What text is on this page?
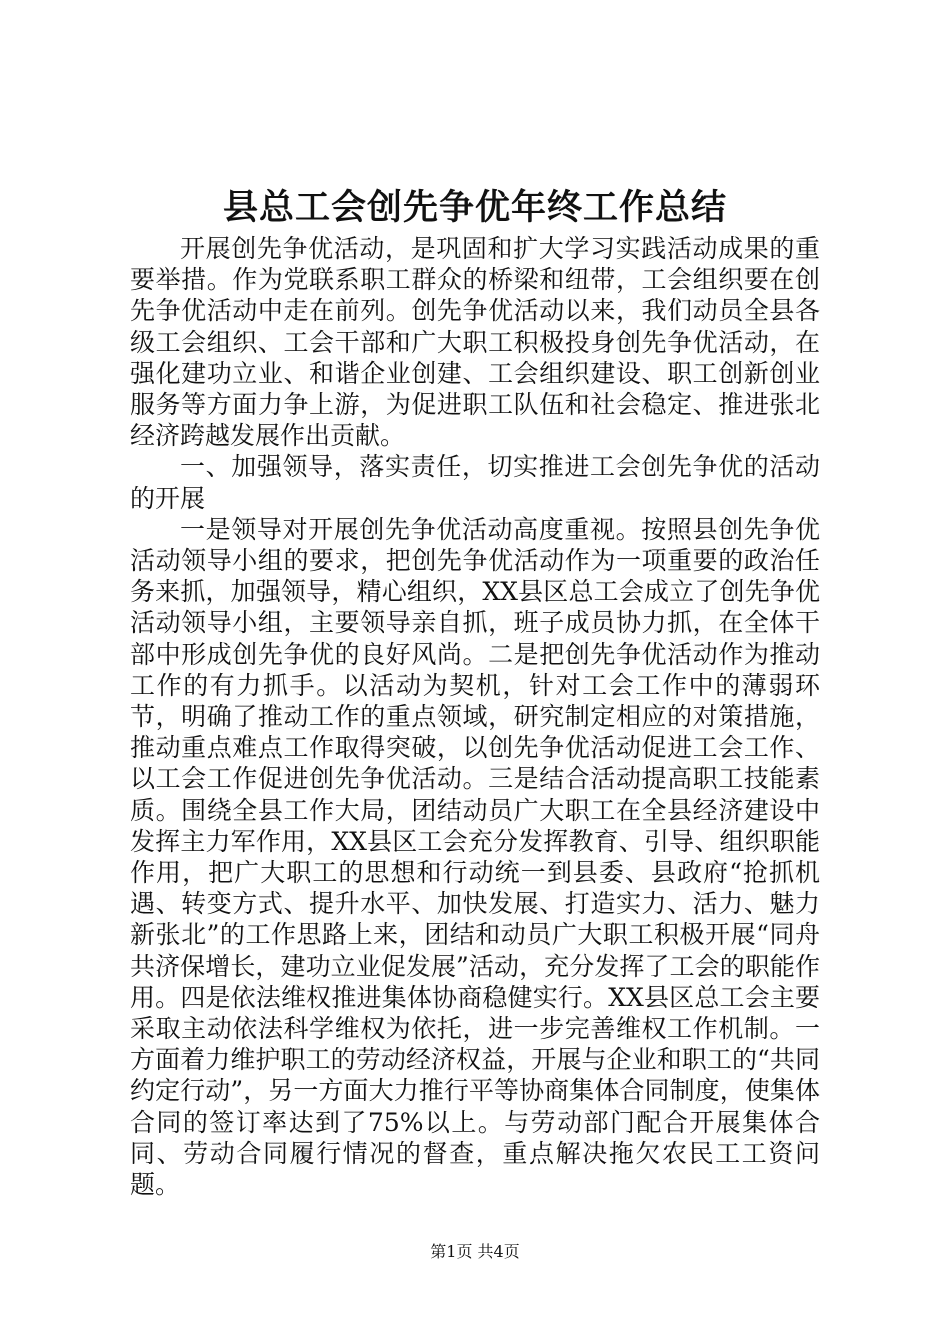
县总工会创先争优年终工作总结

开展创先争优活动，是巩固和扩大学习实践活动成果的重要举措。作为党联系职工群众的桥梁和纽带，工会组织要在创先争优活动中走在前列。创先争优活动以来，我们动员全县各级工会组织、工会干部和广大职工积极投身创先争优活动，在强化建功立业、和谐企业创建、工会组织建设、职工创新创业服务等方面力争上游，为促进职工队伍和社会稳定、推进张北经济跨越发展作出贡献。

一、加强领导，落实责任，切实推进工会创先争优的活动的开展

一是领导对开展创先争优活动高度重视。按照县创先争优活动领导小组的要求，把创先争优活动作为一项重要的政治任务来抓，加强领导，精心组织，XX县区总工会成立了创先争优活动领导小组，主要领导亲自抓，班子成员协力抓，在全体干部中形成创先争优的良好风尚。二是把创先争优活动作为推动工作的有力抓手。以活动为契机，针对工会工作中的薄弱环节，明确了推动工作的重点领域，研究制定相应的对策措施，推动重点难点工作取得突破，以创先争优活动促进工会工作、以工会工作促进创先争优活动。三是结合活动提高职工技能素质。围绕全县工作大局，团结动员广大职工在全县经济建设中发挥主力军作用，XX县区工会充分发挥教育、引导、组织职能作用，把广大职工的思想和行动统一到县委、县政府“抢抓机遇、转变方式、提升水平、加快发展、打造实力、活力、魅力新张北”的工作思路上来，团结和动员广大职工积极开展“同舟共济保增长，建功立业促发展”活动，充分发挥了工会的职能作用。四是依法维权推进集体协商稳健实行。XX县区总工会主要采取主动依法科学维权为依托，进一步完善维权工作机制。一方面着力维护职工的劳动经济权益，开展与企业和职工的“共同约定行动”，另一方面大力推行平等协商集体合同制度，使集体合同的签订率达到了75%以上。与劳动部门配合开展集体合同、劳动合同履行情况的督查，重点解决拖欠农民工工资问题。

第1页 共4页
